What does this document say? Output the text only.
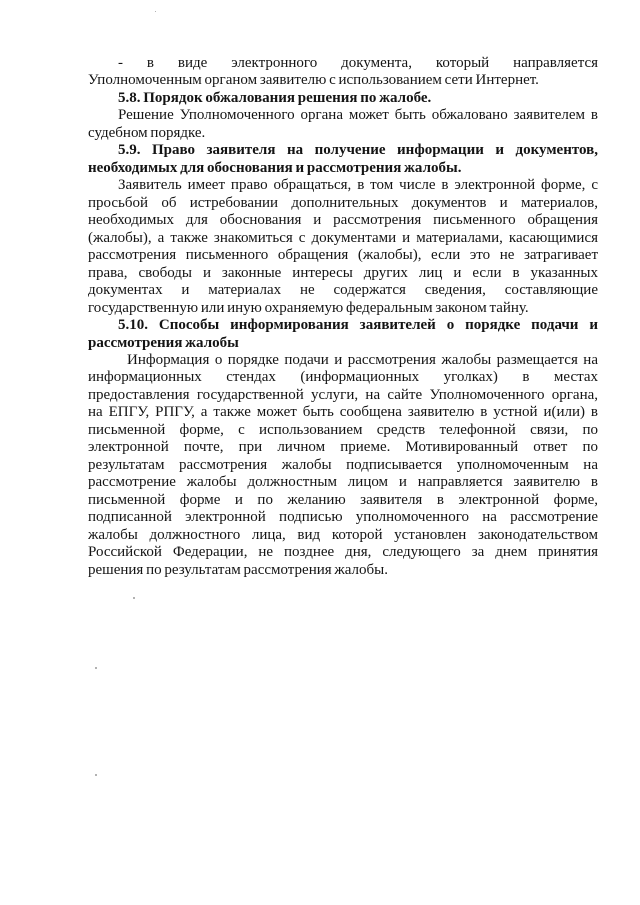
- в виде электронного документа, который направляется
Уполномоченным органом заявителю с использованием сети Интернет.
5.8. Порядок обжалования решения по жалобе.
Решение Уполномоченного органа может быть обжаловано заявителем в
судебном порядке.
5.9. Право заявителя на получение информации и документов,
необходимых для обоснования и рассмотрения жалобы.
Заявитель имеет право обращаться, в том числе в электронной форме, с
просьбой об истребовании дополнительных документов и материалов,
необходимых для обоснования и рассмотрения письменного обращения
(жалобы), а также знакомиться с документами и материалами, касающимися
рассмотрения письменного обращения (жалобы), если это не затрагивает
права, свободы и законные интересы других лиц и если в указанных
документах и материалах не содержатся сведения, составляющие
государственную или иную охраняемую федеральным законом тайну.
5.10. Способы информирования заявителей о порядке подачи и
рассмотрения жалобы
Информация о порядке подачи и рассмотрения жалобы размещается на
информационных стендах (информационных уголках) в местах
предоставления государственной услуги, на сайте Уполномоченного органа,
на ЕПГУ, РПГУ, а также может быть сообщена заявителю в устной и(или) в
письменной форме, с использованием средств телефонной связи, по
электронной почте, при личном приеме. Мотивированный ответ по
результатам рассмотрения жалобы подписывается уполномоченным на
рассмотрение жалобы должностным лицом и направляется заявителю в
письменной форме и по желанию заявителя в электронной форме,
подписанной электронной подписью уполномоченного на рассмотрение
жалобы должностного лица, вид которой установлен законодательством
Российской Федерации, не позднее дня, следующего за днем принятия
решения по результатам рассмотрения жалобы.
